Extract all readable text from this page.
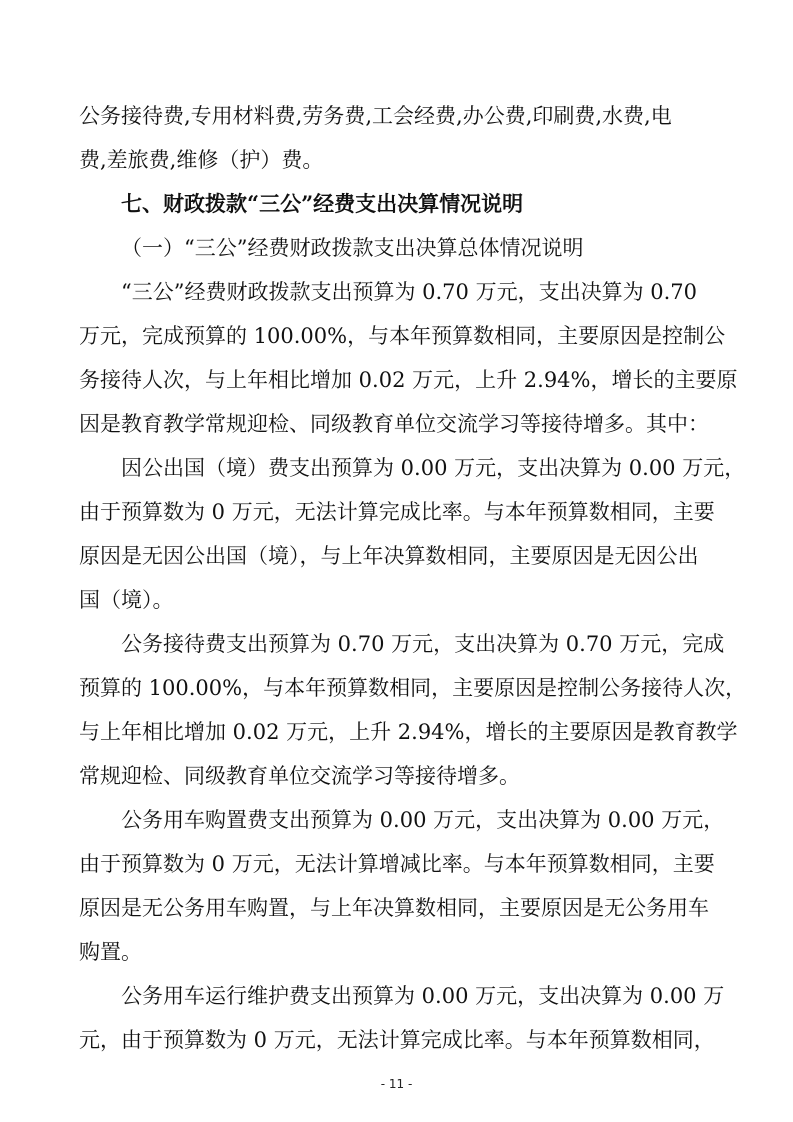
公务接待费,专用材料费,劳务费,工会经费,办公费,印刷费,水费,电
费,差旅费,维修（护）费。
七、财政拨款“三公”经费支出决算情况说明
（一）“三公”经费财政拨款支出决算总体情况说明
“三公”经费财政拨款支出预算为 0.70 万元，支出决算为 0.70
万元，完成预算的 100.00%，与本年预算数相同，主要原因是控制公
务接待人次，与上年相比增加 0.02 万元，上升 2.94%，增长的主要原
因是教育教学常规迎检、同级教育单位交流学习等接待增多。其中：
因公出国（境）费支出预算为 0.00 万元，支出决算为 0.00 万元，
由于预算数为 0 万元，无法计算完成比率。与本年预算数相同，主要
原因是无因公出国（境），与上年决算数相同，主要原因是无因公出
国（境）。
公务接待费支出预算为 0.70 万元，支出决算为 0.70 万元，完成
预算的 100.00%，与本年预算数相同，主要原因是控制公务接待人次，
与上年相比增加 0.02 万元，上升 2.94%，增长的主要原因是教育教学
常规迎检、同级教育单位交流学习等接待增多。
公务用车购置费支出预算为 0.00 万元，支出决算为 0.00 万元，
由于预算数为 0 万元，无法计算增减比率。与本年预算数相同，主要
原因是无公务用车购置，与上年决算数相同，主要原因是无公务用车
购置。
公务用车运行维护费支出预算为 0.00 万元，支出决算为 0.00 万
元，由于预算数为 0 万元，无法计算完成比率。与本年预算数相同，
- 11 -
